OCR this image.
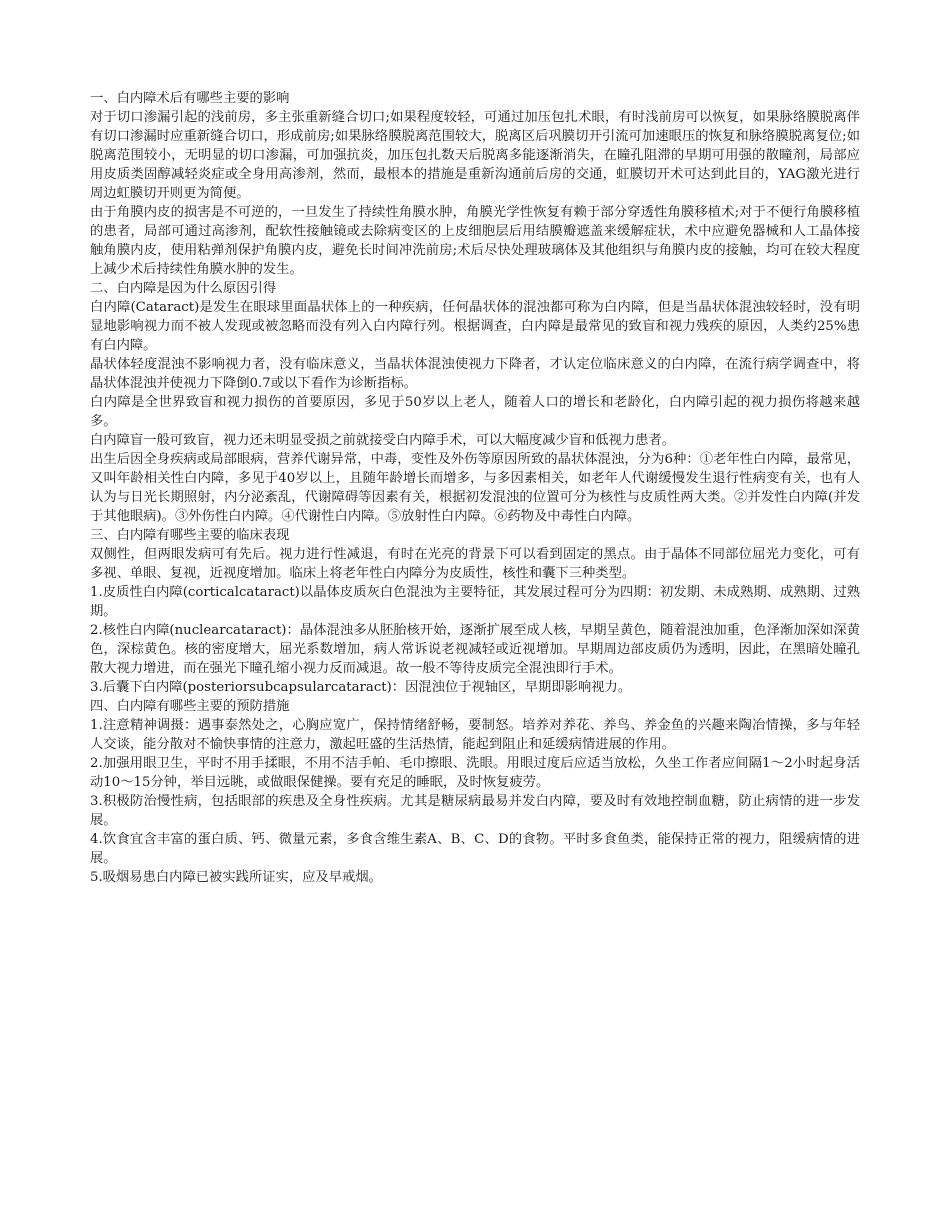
一、白内障术后有哪些主要的影响

对于切口渗漏引起的浅前房，多主张重新缝合切口;如果程度较轻，可通过加压包扎术眼，有时浅前房可以恢复，如果脉络膜脱离伴有切口渗漏时应重新缝合切口，形成前房;如果脉络膜脱离范围较大，脱离区后巩膜切开引流可加速眼压的恢复和脉络膜脱离复位;如脱离范围较小，无明显的切口渗漏，可加强抗炎，加压包扎数天后脱离多能逐渐消失，在瞳孔阻滞的早期可用强的散瞳剂，局部应用皮质类固醇减轻炎症或全身用高渗剂，然而，最根本的措施是重新沟通前后房的交通，虹膜切开术可达到此目的，YAG激光进行周边虹膜切开则更为简便。

由于角膜内皮的损害是不可逆的，一旦发生了持续性角膜水肿，角膜光学性恢复有赖于部分穿透性角膜移植术;对于不便行角膜移植的患者，局部可通过高渗剂，配软性接触镜或去除病变区的上皮细胞层后用结膜瓣遮盖来缓解症状，术中应避免器械和人工晶体接触角膜内皮，使用粘弹剂保护角膜内皮，避免长时间冲洗前房;术后尽快处理玻璃体及其他组织与角膜内皮的接触，均可在较大程度上减少术后持续性角膜水肿的发生。

二、白内障是因为什么原因引得

白内障(Cataract)是发生在眼球里面晶状体上的一种疾病，任何晶状体的混浊都可称为白内障，但是当晶状体混浊较轻时，没有明显地影响视力而不被人发现或被忽略而没有列入白内障行列。根据调查，白内障是最常见的致盲和视力残疾的原因，人类约25%患有白内障。

晶状体轻度混浊不影响视力者，没有临床意义，当晶状体混浊使视力下降者，才认定位临床意义的白内障，在流行病学调查中，将晶状体混浊并使视力下降倒0.7或以下看作为诊断指标。

白内障是全世界致盲和视力损伤的首要原因，多见于50岁以上老人，随着人口的增长和老龄化，白内障引起的视力损伤将越来越多。

白内障盲一般可致盲，视力还未明显受损之前就接受白内障手术，可以大幅度减少盲和低视力患者。

出生后因全身疾病或局部眼病，营养代谢异常，中毒，变性及外伤等原因所致的晶状体混浊，分为6种：①老年性白内障，最常见，又叫年龄相关性白内障，多见于40岁以上，且随年龄增长而增多，与多因素相关，如老年人代谢缓慢发生退行性病变有关，也有人认为与日光长期照射，内分泌紊乱，代谢障碍等因素有关，根据初发混浊的位置可分为核性与皮质性两大类。②并发性白内障(并发于其他眼病)。③外伤性白内障。④代谢性白内障。⑤放射性白内障。⑥药物及中毒性白内障。

三、白内障有哪些主要的临床表现

双侧性，但两眼发病可有先后。视力进行性减退，有时在光亮的背景下可以看到固定的黑点。由于晶体不同部位屈光力变化，可有多视、单眼、复视，近视度增加。临床上将老年性白内障分为皮质性，核性和囊下三种类型。

1.皮质性白内障(corticalcataract)以晶体皮质灰白色混浊为主要特征，其发展过程可分为四期：初发期、未成熟期、成熟期、过熟期。

2.核性白内障(nuclearcataract)：晶体混浊多从胚胎核开始，逐渐扩展至成人核，早期呈黄色，随着混浊加重，色泽渐加深如深黄色，深棕黄色。核的密度增大，屈光系数增加，病人常诉说老视减轻或近视增加。早期周边部皮质仍为透明，因此，在黑暗处瞳孔散大视力增进，而在强光下瞳孔缩小视力反而减退。故一般不等待皮质完全混浊即行手术。

3.后囊下白内障(posteriorsubcapsularcataract)：因混浊位于视轴区，早期即影响视力。

四、白内障有哪些主要的预防措施

1.注意精神调摄：遇事泰然处之，心胸应宽广，保持情绪舒畅，要制怒。培养对养花、养鸟、养金鱼的兴趣来陶冶情操，多与年轻人交谈，能分散对不愉快事情的注意力，激起旺盛的生活热情，能起到阻止和延缓病情进展的作用。

2.加强用眼卫生，平时不用手揉眼，不用不洁手帕、毛巾擦眼、洗眼。用眼过度后应适当放松，久坐工作者应间隔1～2小时起身活动10～15分钟，举目远眺，或做眼保健操。要有充足的睡眠，及时恢复疲劳。

3.积极防治慢性病，包括眼部的疾患及全身性疾病。尤其是糖尿病最易并发白内障，要及时有效地控制血糖，防止病情的进一步发展。

4.饮食宜含丰富的蛋白质、钙、微量元素，多食含维生素A、B、C、D的食物。平时多食鱼类，能保持正常的视力，阻缓病情的进展。

5.吸烟易患白内障已被实践所证实，应及早戒烟。
